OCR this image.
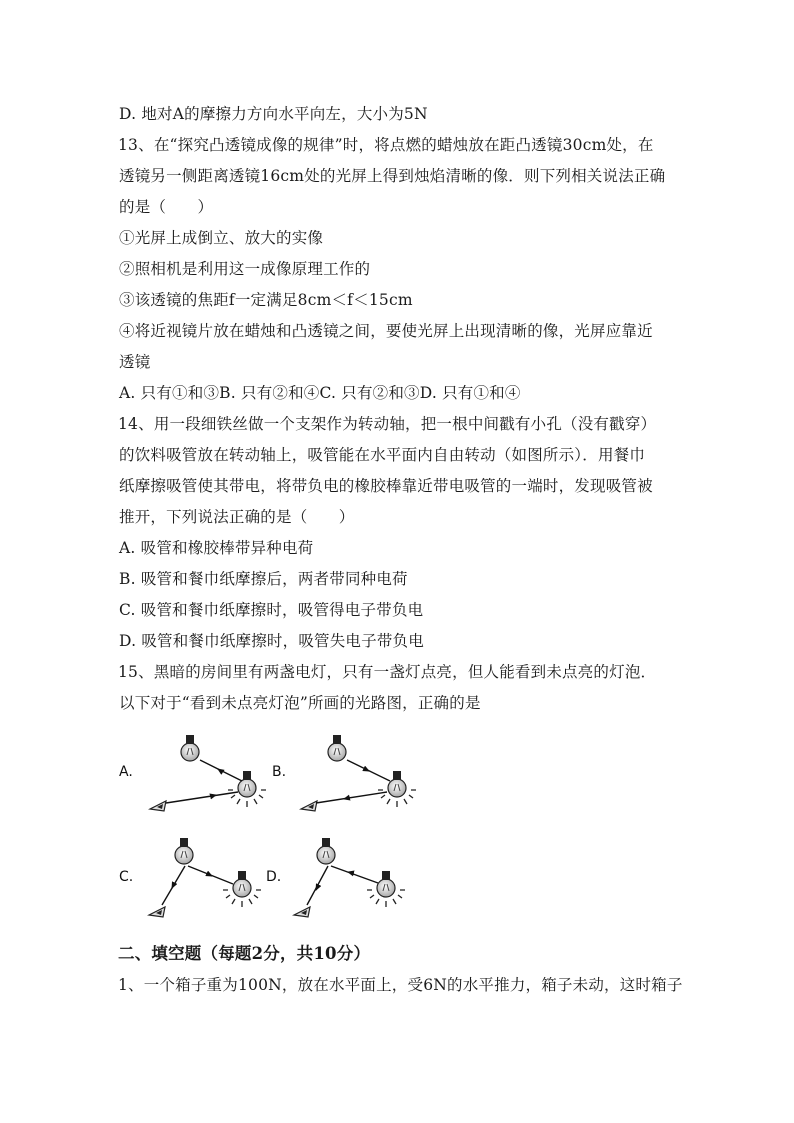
D. 地对A的摩擦力方向水平向左，大小为5N
13、在“探究凸透镜成像的规律”时，将点燃的蜡烛放在距凸透镜30cm处，在
透镜另一侧距离透镜16cm处的光屏上得到烛焰清晰的像．则下列相关说法正确
的是（　　）
①光屏上成倒立、放大的实像
②照相机是利用这一成像原理工作的
③该透镜的焦距f一定满足8cm＜f＜15cm
④将近视镜片放在蜡烛和凸透镜之间，要使光屏上出现清晰的像，光屏应靠近
透镜
A. 只有①和③B. 只有②和④C. 只有②和③D. 只有①和④
14、用一段细铁丝做一个支架作为转动轴，把一根中间戳有小孔（没有戳穿）
的饮料吸管放在转动轴上，吸管能在水平面内自由转动（如图所示）．用餐巾
纸摩擦吸管使其带电，将带负电的橡胶棒靠近带电吸管的一端时，发现吸管被
推开，下列说法正确的是（　　）
A. 吸管和橡胶棒带异种电荷
B. 吸管和餐巾纸摩擦后，两者带同种电荷
C. 吸管和餐巾纸摩擦时，吸管得电子带负电
D. 吸管和餐巾纸摩擦时，吸管失电子带负电
15、黑暗的房间里有两盏电灯，只有一盏灯点亮，但人能看到未点亮的灯泡．
以下对于“看到未点亮灯泡”所画的光路图，正确的是
A.	B.
C.	D.
二、填空题（每题2分，共10分）
1、一个箱子重为100N，放在水平面上，受6N的水平推力，箱子未动，这时箱子
